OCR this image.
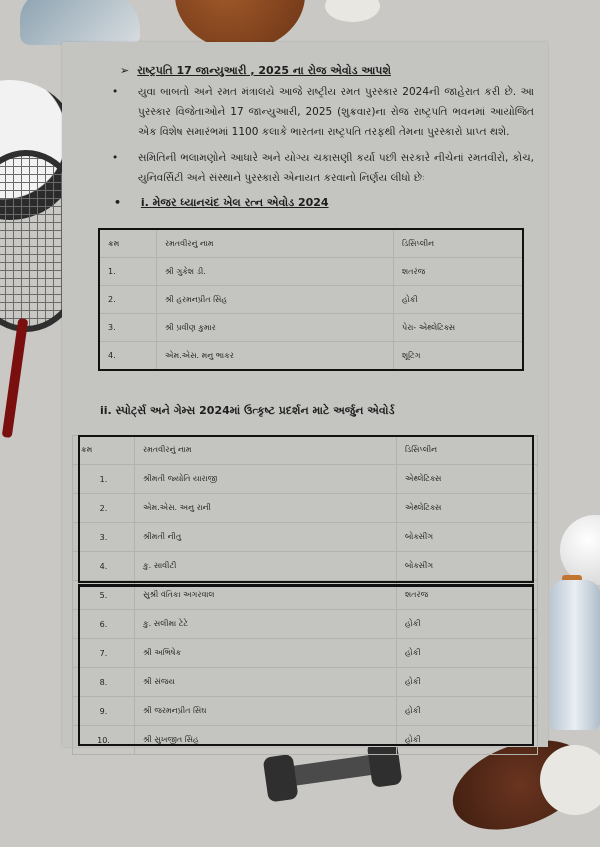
➢ રાષ્ટ્રપતિ 17 જાન્યુઆરી , 2025 ના રોજ એવોડ આપશે
• યુવા બાબતો અને રમત મંત્રાલયે આજે રાષ્ટ્રીય રમત પુરસ્કાર 2024ની જાહેરાત કરી છે. આ પુરસ્કાર વિજેતાઓને 17 જાન્યુઆરી, 2025 (શુક્રવાર)ના રોજ રાષ્ટ્રપતિ ભવનમાં આયોજિત એક વિશેષ સમારંભમાં 1100 કલાકે ભારતના રાષ્ટ્રપતિ તરફથી તેમના પુરસ્કારો પ્રાપ્ત થશે.
• સમિતિની ભલામણોને આધારે અને યોગ્ય ચકાસણી કર્યા પછી સરકારે નીચેનાં રમતવીરો, કોચ, યુનિવર્સિટી અને સંસ્થાને પુરસ્કારો એનાયત કરવાનો નિર્ણય લીધો છેઃ
• i. મેજર ધ્યાનચંદ ખેલ રત્ન એવોડ 2024
ક્રમ	રમતવીરનું નામ	ડિસિપ્લીન
1.	શ્રી ગુકેશ ડી.	શતરંજ
2.	શ્રી હરમનપ્રીત સિંહ	હોકી
3.	શ્રી પ્રવીણ કુમાર	પેરા- એથ્લેટિક્સ
4.	એમ.એસ. મનુ ભાકર	શૂટિંગ
ii. સ્પોર્ટ્સ અને ગેમ્સ 2024માં ઉત્કૃષ્ટ પ્રદર્શન માટે અર્જુન એવોર્ડ
ક્રમ	રમતવીરનું નામ	ડિસિપ્લીન
1.	શ્રીમતી જ્યોતિ યારાજી	એથ્લેટિક્સ
2.	એમ.એસ. અનુ રાની	એથ્લેટિક્સ
3.	શ્રીમતી નીતુ	બોક્સીંગ
4.	કુ. સાવીટી	બોક્સીંગ
5.	સુશ્રી વંતિકા અગરવાલ	શતરંજ
6.	કુ. સલીમા ટેટે	હોકી
7.	શ્રી અભિષેક	હોકી
8.	શ્રી સંજય	હોકી
9.	શ્રી જરમનપ્રીત સિંઘ	હોકી
10.	શ્રી સુખજીત સિંહ	હોકી
